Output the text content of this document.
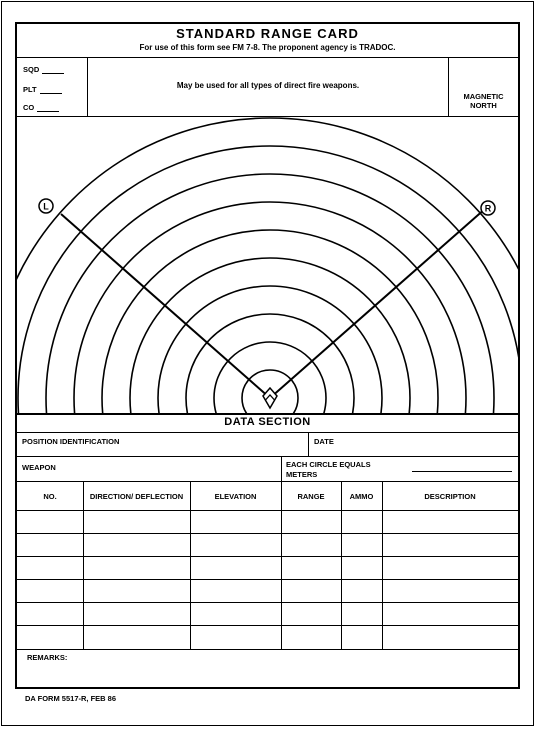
STANDARD RANGE CARD
For use of this form see FM 7-8. The proponent agency is TRADOC.
SQD
PLT
CO
May be used for all types of direct fire weapons.
MAGNETIC
NORTH
L	R
DATA SECTION
POSITION IDENTIFICATION	DATE
WEAPON	EACH CIRCLE EQUALS
METERS
NO.	DIRECTION/ DEFLECTION	ELEVATION	RANGE	AMMO	DESCRIPTION
REMARKS:
DA FORM 5517-R, FEB 86
